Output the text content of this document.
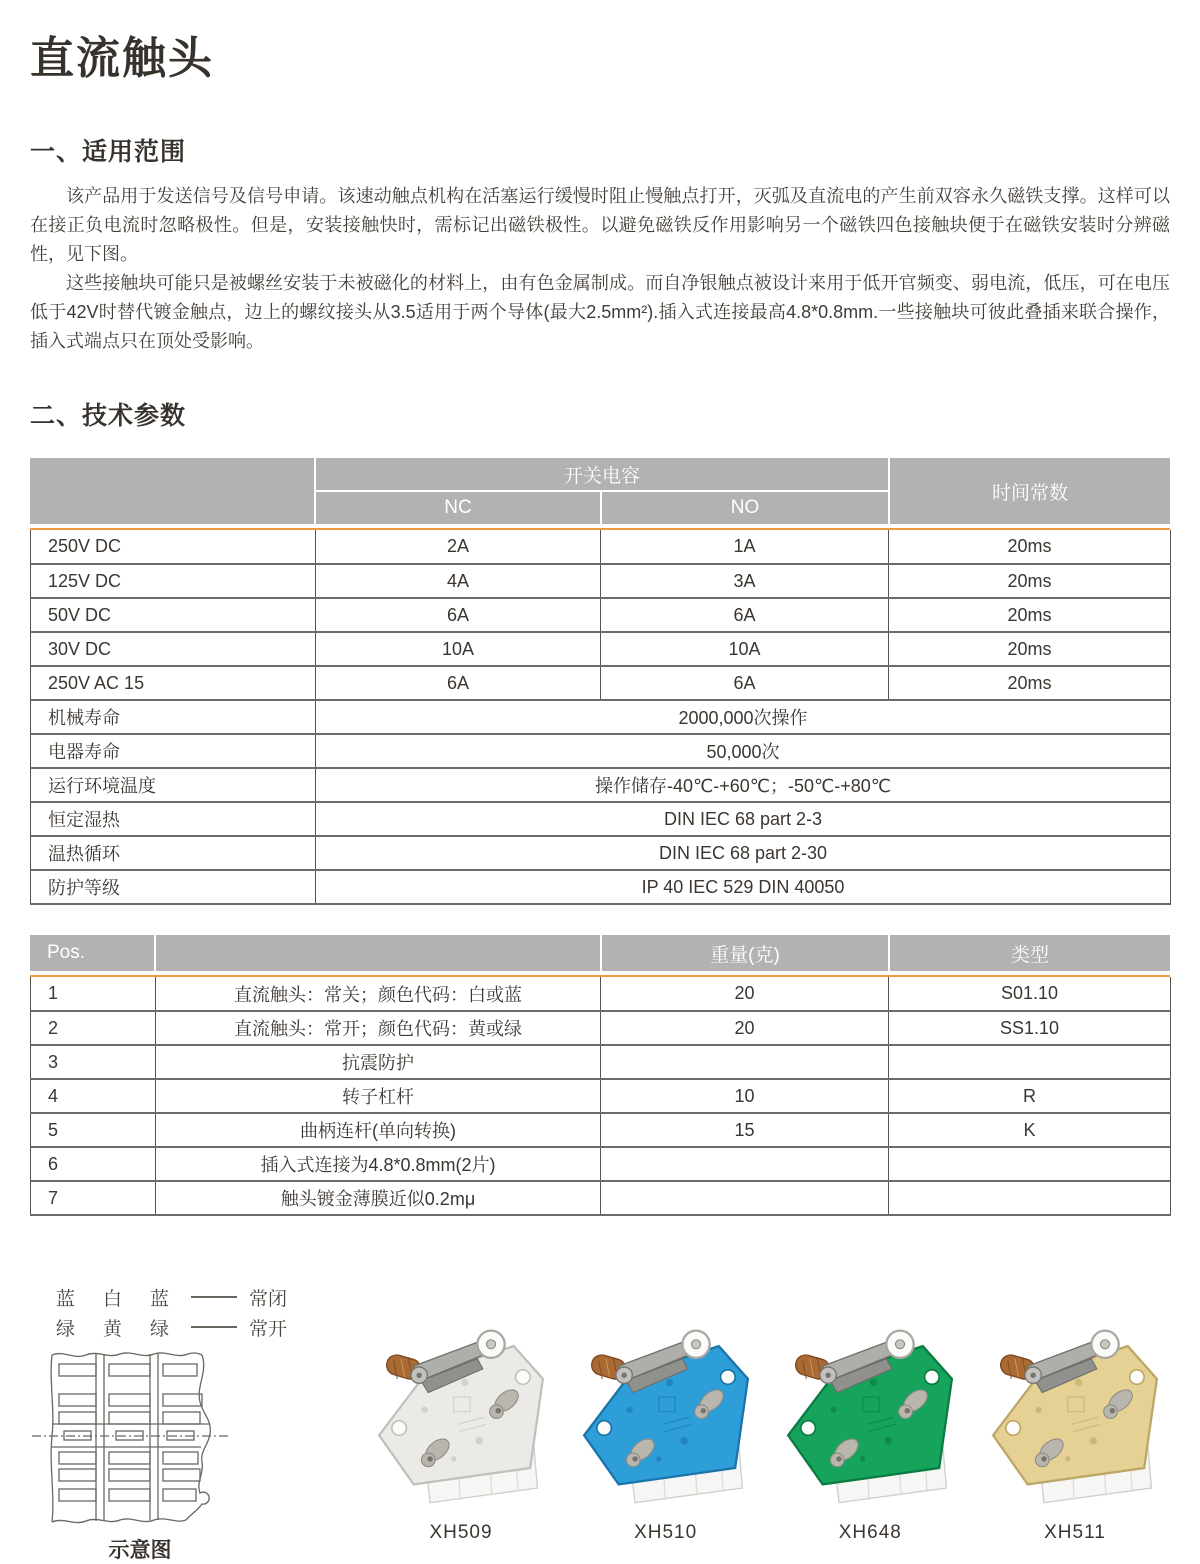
直流触头
一、适用范围

该产品用于发送信号及信号申请。该速动触点机构在活塞运行缓慢时阻止慢触点打开，灭弧及直流电的产生前双容永久磁铁支撑。这样可以在接正负电流时忽略极性。但是，安装接触快时，需标记出磁铁极性。以避免磁铁反作用影响另一个磁铁四色接触块便于在磁铁安装时分辨磁性，见下图。

这些接触块可能只是被螺丝安装于未被磁化的材料上，由有色金属制成。而自净银触点被设计来用于低开官频变、弱电流，低压，可在电压低于42V时替代镀金触点，边上的螺纹接头从3.5适用于两个导体(最大2.5mm²).插入式连接最高4.8*0.8mm.一些接触块可彼此叠插来联合操作，插入式端点只在顶处受影响。

二、技术参数
开关电容
时间常数
NC	NO
250V DC	2A	1A	20ms
125V DC	4A	3A	20ms
50V DC	6A	6A	20ms
30V DC	10A	10A	20ms
250V AC 15	6A	6A	20ms
机械寿命	2000,000次操作		
电器寿命	50,000次		
运行环境温度	操作储存-40℃-+60℃；-50℃-+80℃		
恒定湿热	DIN IEC 68 part 2-3		
温热循环	DIN IEC 68 part 2-30		
防护等级	IP 40 IEC 529 DIN 40050		
Pos.	重量(克)	类型
1	直流触头：常关；颜色代码：白或蓝	20	S01.10
2	直流触头：常开；颜色代码：黄或绿	20	SS1.10
3	抗震防护		
4	转子杠杆	10	R
5	曲柄连杆(单向转换)	15	K
6	插入式连接为4.8*0.8mm(2片)		
7	触头镀金薄膜近似0.2mμ		
蓝	白	蓝	常闭
绿	黄	绿	常开
示意图
XH509	XH510	XH648	XH511
